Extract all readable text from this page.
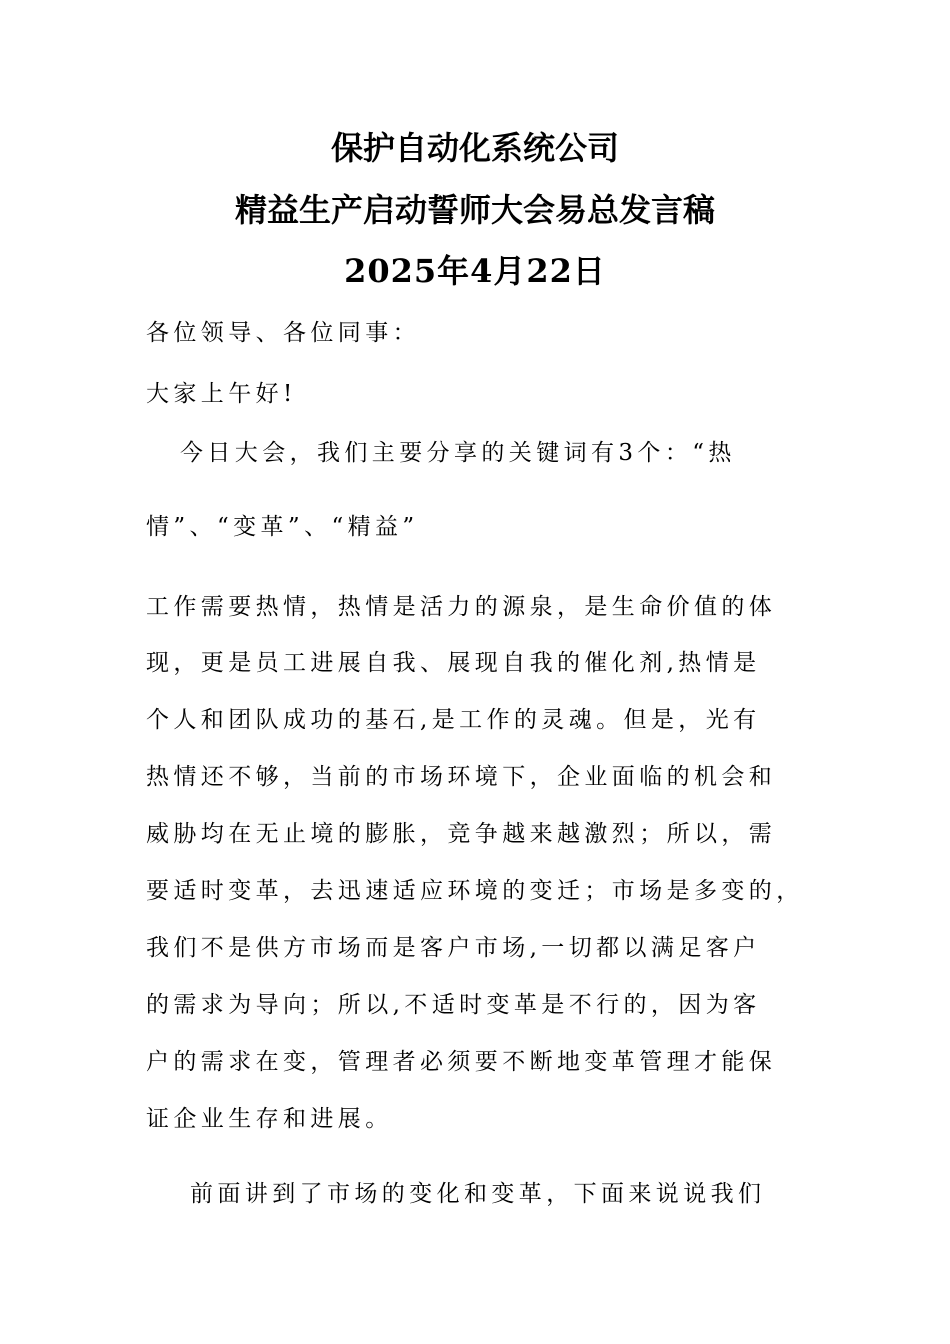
保护自动化系统公司
精益生产启动誓师大会易总发言稿
2025年4月22日
各位领导、各位同事：
大家上午好!
今日大会，我们主要分享的关键词有3个：“热
情”、“变革”、“精益”
工作需要热情，热情是活力的源泉，是生命价值的体
现，更是员工进展自我、展现自我的催化剂,热情是
个人和团队成功的基石,是工作的灵魂。但是，光有
热情还不够，当前的市场环境下，企业面临的机会和
威胁均在无止境的膨胀，竞争越来越激烈；所以，需
要适时变革，去迅速适应环境的变迁；市场是多变的，
我们不是供方市场而是客户市场,一切都以满足客户
的需求为导向；所以,不适时变革是不行的，因为客
户的需求在变，管理者必须要不断地变革管理才能保
证企业生存和进展。
前面讲到了市场的变化和变革，下面来说说我们
